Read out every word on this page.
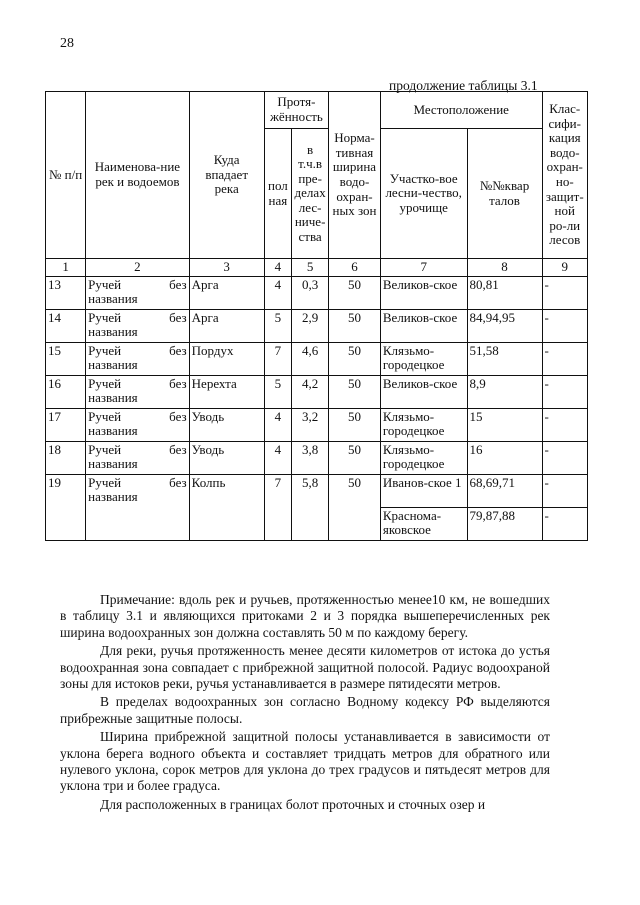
28
продолжение таблицы 3.1
№ п/п	Наименова-ние рек и водоемов	Куда впадает река	Протя-жённость		Норма-тивная ширина водо-охран-ных зон	Местоположение		Клас-сифи-кация водо-охран-но-защит-ной ро-ли лесов
			пол ная	в т.ч.в пре-делах лес-ниче-ства		Участко-вое лесни-чество, урочище	№№квар талов	
1	2	3	4	5	6	7	8	9
13	Ручей без названия	Арга	4	0,3	50	Великов-ское	80,81	-
14	Ручей без названия	Арга	5	2,9	50	Великов-ское	84,94,95	-
15	Ручей без названия	Пордух	7	4,6	50	Клязьмо-городецкое	51,58	-
16	Ручей без названия	Нерехта	5	4,2	50	Великов-ское	8,9	-
17	Ручей без названия	Уводь	4	3,2	50	Клязьмо-городецкое	15	-
18	Ручей без названия	Уводь	4	3,8	50	Клязьмо-городецкое	16	-
19	Ручей без названия	Колпь	7	5,8	50	Иванов-ское 1	68,69,71	-
						Красномa-яковское	79,87,88	-

Примечание: вдоль рек и ручьев, протяженностью менее10 км, не вошедших в таблицу 3.1 и являющихся притоками 2 и 3 порядка вышеперечисленных рек ширина водоохранных зон должна составлять 50 м по каждому берегу.

Для реки, ручья протяженность менее десяти километров от истока до устья водоохранная зона совпадает с прибрежной защитной полосой. Радиус водоохраной зоны для истоков реки, ручья устанавливается в размере пятидесяти метров.

В пределах водоохранных зон согласно Водному кодексу РФ выделяются прибрежные защитные полосы.

Ширина прибрежной защитной полосы устанавливается в зависимости от уклона берега водного объекта и составляет тридцать метров для обратного или нулевого уклона, сорок метров для уклона до трех градусов и пятьдесят метров для уклона три и более градуса.

Для расположенных в границах болот проточных и сточных озер и
